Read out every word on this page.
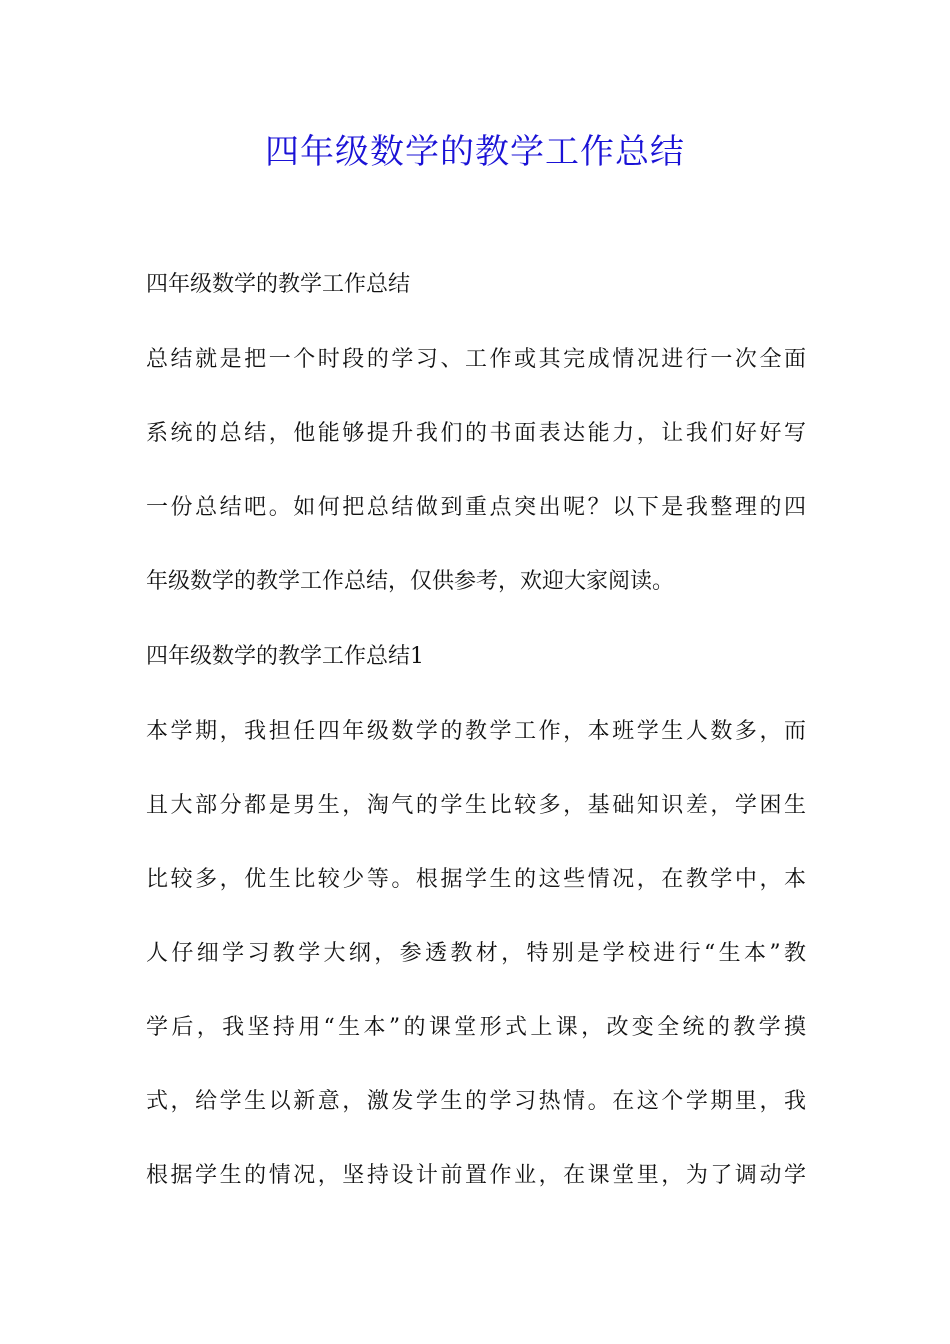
四年级数学的教学工作总结
四年级数学的教学工作总结
总结就是把一个时段的学习、工作或其完成情况进行一次全面
系统的总结，他能够提升我们的书面表达能力，让我们好好写
一份总结吧。如何把总结做到重点突出呢？以下是我整理的四
年级数学的教学工作总结，仅供参考，欢迎大家阅读。
四年级数学的教学工作总结1
本学期，我担任四年级数学的教学工作，本班学生人数多，而
且大部分都是男生，淘气的学生比较多，基础知识差，学困生
比较多，优生比较少等。根据学生的这些情况，在教学中，本
人仔细学习教学大纲，参透教材，特别是学校进行“生本”教
学后，我坚持用“生本”的课堂形式上课，改变全统的教学摸
式，给学生以新意，激发学生的学习热情。在这个学期里，我
根据学生的情况，坚持设计前置作业，在课堂里，为了调动学
